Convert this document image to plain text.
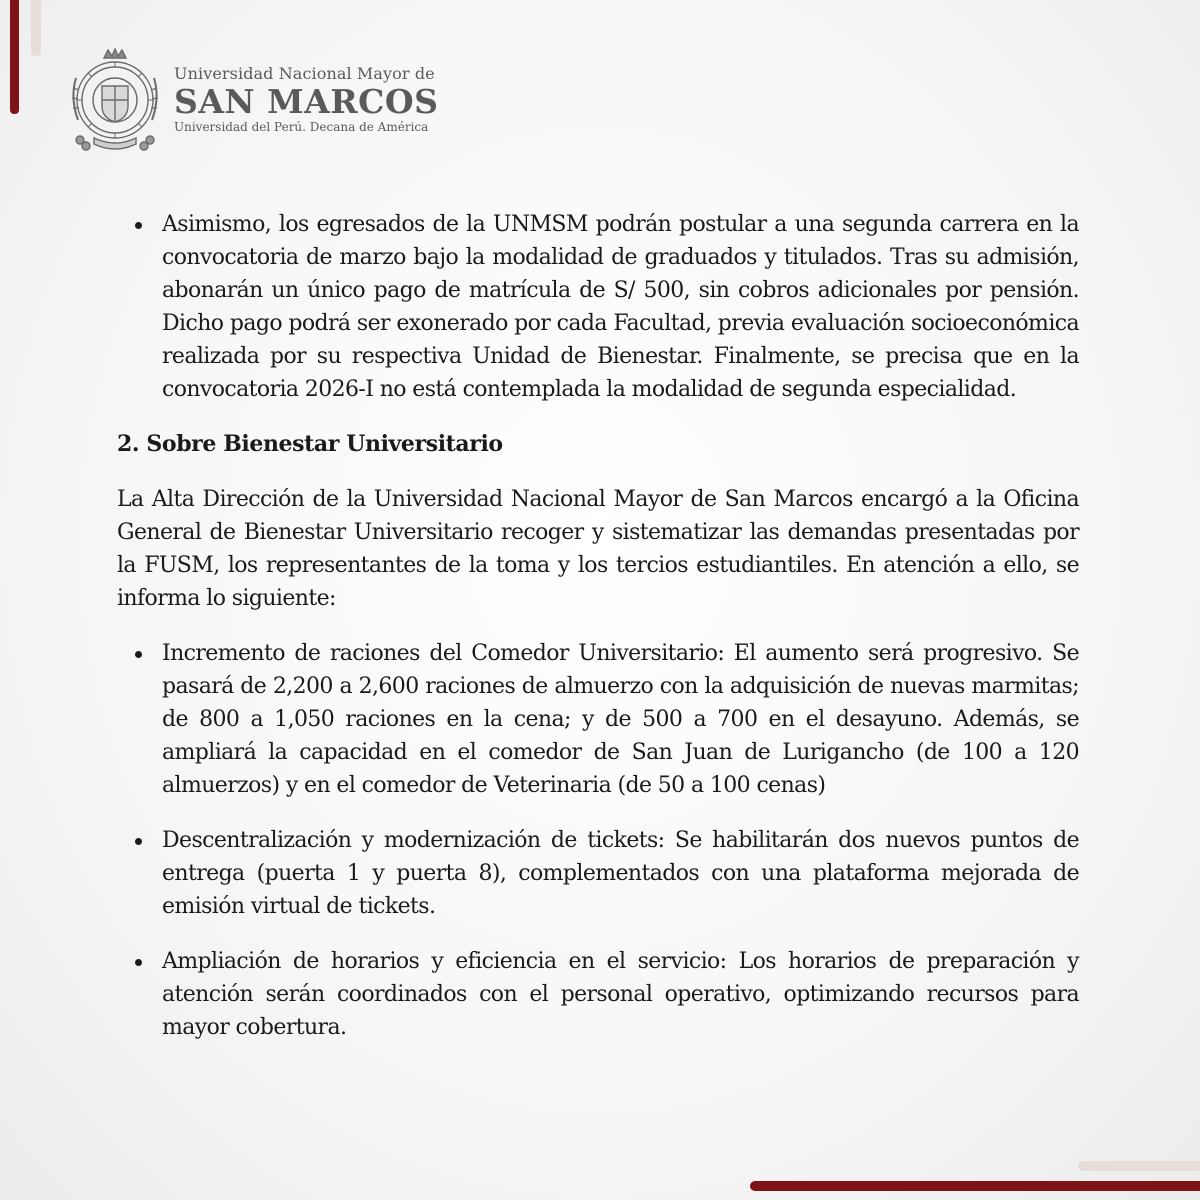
Universidad Nacional Mayor de
SAN MARCOS
Universidad del Perú. Decana de América
Asimismo, los egresados de la UNMSM podrán postular a una segunda carrera en la convocatoria de marzo bajo la modalidad de graduados y titulados. Tras su admisión, abonarán un único pago de matrícula de S/ 500, sin cobros adicionales por pensión. Dicho pago podrá ser exonerado por cada Facultad, previa evaluación socioeconómica realizada por su respectiva Unidad de Bienestar. Finalmente, se precisa que en la convocatoria 2026-I no está contemplada la modalidad de segunda especialidad.
2. Sobre Bienestar Universitario

La Alta Dirección de la Universidad Nacional Mayor de San Marcos encargó a la Oficina General de Bienestar Universitario recoger y sistematizar las demandas presentadas por la FUSM, los representantes de la toma y los tercios estudiantiles. En atención a ello, se informa lo siguiente:

Incremento de raciones del Comedor Universitario: El aumento será progresivo. Se pasará de 2,200 a 2,600 raciones de almuerzo con la adquisición de nuevas marmitas; de 800 a 1,050 raciones en la cena; y de 500 a 700 en el desayuno. Además, se ampliará la capacidad en el comedor de San Juan de Lurigancho (de 100 a 120 almuerzos) y en el comedor de Veterinaria (de 50 a 100 cenas)
Descentralización y modernización de tickets: Se habilitarán dos nuevos puntos de entrega (puerta 1 y puerta 8), complementados con una plataforma mejorada de emisión virtual de tickets.
Ampliación de horarios y eficiencia en el servicio: Los horarios de preparación y atención serán coordinados con el personal operativo, optimizando recursos para mayor cobertura.
